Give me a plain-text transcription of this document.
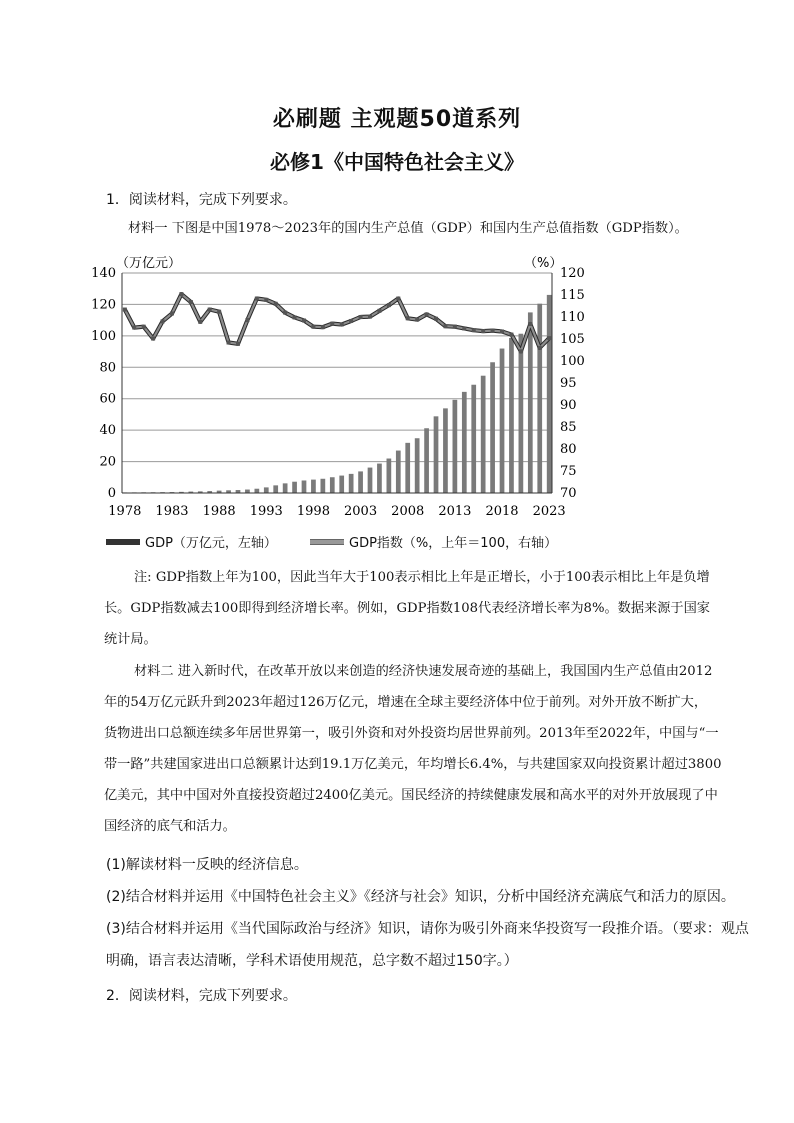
必刷题 主观题50道系列
必修1《中国特色社会主义》
1．阅读材料，完成下列要求。
材料一 下图是中国1978～2023年的国内生产总值（GDP）和国内生产总值指数（GDP指数）。
0
20
40
60
80
100
120
140
70
75
80
85
90
95
100
105
110
115
120
1978 1983 1988 1993 1998 2003 2008 2013 2018 2023
（万亿元）	（%）
GDP（万亿元，左轴）	GDP指数（%，上年＝100，右轴）
注: GDP指数上年为100，因此当年大于100表示相比上年是正增长，小于100表示相比上年是负增
长。GDP指数减去100即得到经济增长率。例如，GDP指数108代表经济增长率为8%。数据来源于国家
统计局。
材料二 进入新时代，在改革开放以来创造的经济快速发展奇迹的基础上，我国国内生产总值由2012
年的54万亿元跃升到2023年超过126万亿元，增速在全球主要经济体中位于前列。对外开放不断扩大，
货物进出口总额连续多年居世界第一，吸引外资和对外投资均居世界前列。2013年至2022年，中国与“一
带一路”共建国家进出口总额累计达到19.1万亿美元，年均增长6.4%，与共建国家双向投资累计超过3800
亿美元，其中中国对外直接投资超过2400亿美元。国民经济的持续健康发展和高水平的对外开放展现了中
国经济的底气和活力。
(1)解读材料一反映的经济信息。
(2)结合材料并运用《中国特色社会主义》《经济与社会》知识，分析中国经济充满底气和活力的原因。
(3)结合材料并运用《当代国际政治与经济》知识，请你为吸引外商来华投资写一段推介语。（要求：观点
明确，语言表达清晰，学科术语使用规范，总字数不超过150字。）
2．阅读材料，完成下列要求。
